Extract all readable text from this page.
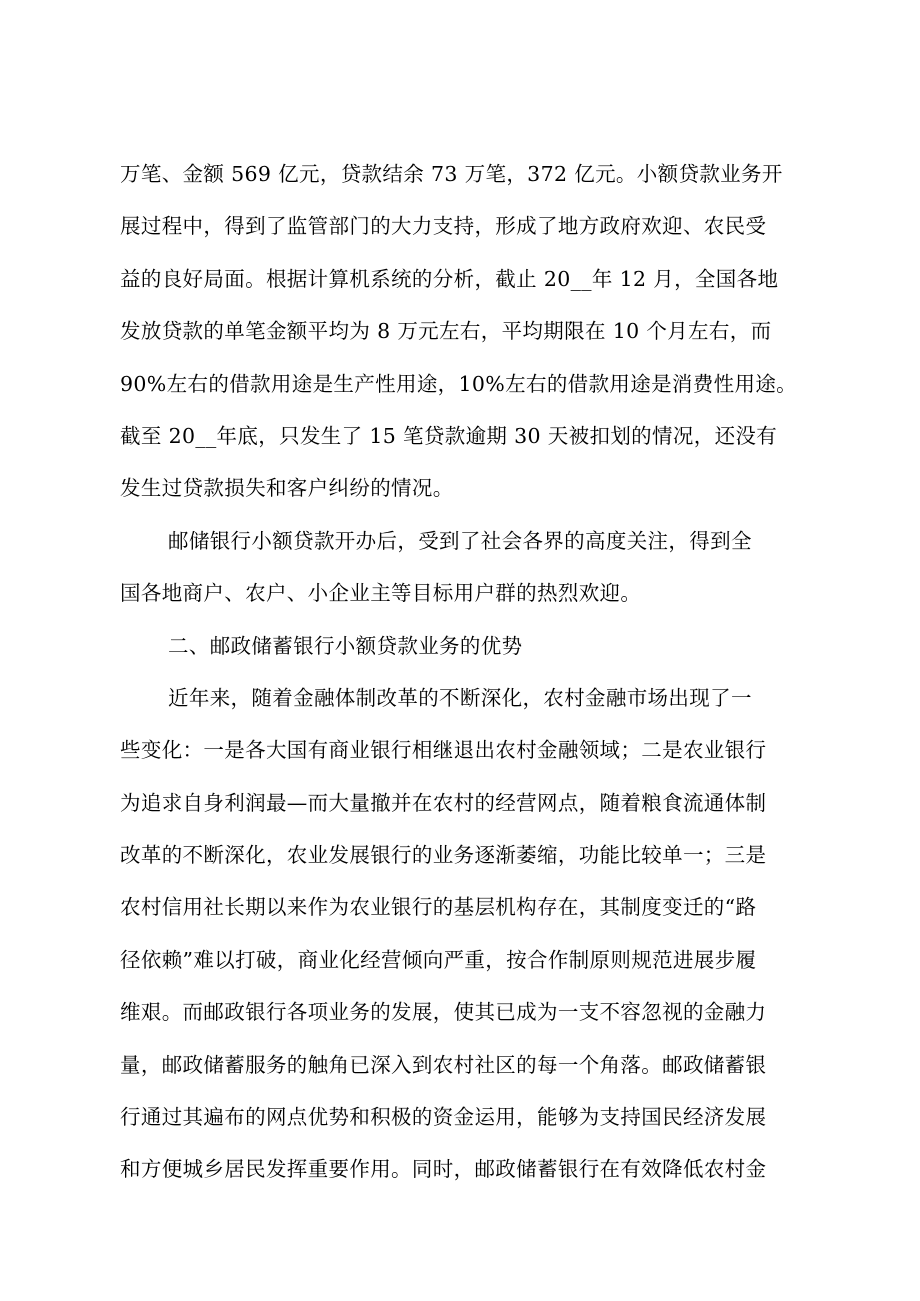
万笔、金额 569 亿元，贷款结余 73 万笔，372 亿元。小额贷款业务开
展过程中，得到了监管部门的大力支持，形成了地方政府欢迎、农民受
益的良好局面。根据计算机系统的分析，截止 20__年 12 月，全国各地
发放贷款的单笔金额平均为 8 万元左右，平均期限在 10 个月左右，而
90%左右的借款用途是生产性用途，10%左右的借款用途是消费性用途。
截至 20__年底，只发生了 15 笔贷款逾期 30 天被扣划的情况，还没有
发生过贷款损失和客户纠纷的情况。
邮储银行小额贷款开办后，受到了社会各界的高度关注，得到全
国各地商户、农户、小企业主等目标用户群的热烈欢迎。
二、邮政储蓄银行小额贷款业务的优势
近年来，随着金融体制改革的不断深化，农村金融市场出现了一
些变化：一是各大国有商业银行相继退出农村金融领域；二是农业银行
为追求自身利润最—而大量撤并在农村的经营网点，随着粮食流通体制
改革的不断深化，农业发展银行的业务逐渐萎缩，功能比较单一；三是
农村信用社长期以来作为农业银行的基层机构存在，其制度变迁的“路
径依赖”难以打破，商业化经营倾向严重，按合作制原则规范进展步履
维艰。而邮政银行各项业务的发展，使其已成为一支不容忽视的金融力
量，邮政储蓄服务的触角已深入到农村社区的每一个角落。邮政储蓄银
行通过其遍布的网点优势和积极的资金运用，能够为支持国民经济发展
和方便城乡居民发挥重要作用。同时，邮政储蓄银行在有效降低农村金
